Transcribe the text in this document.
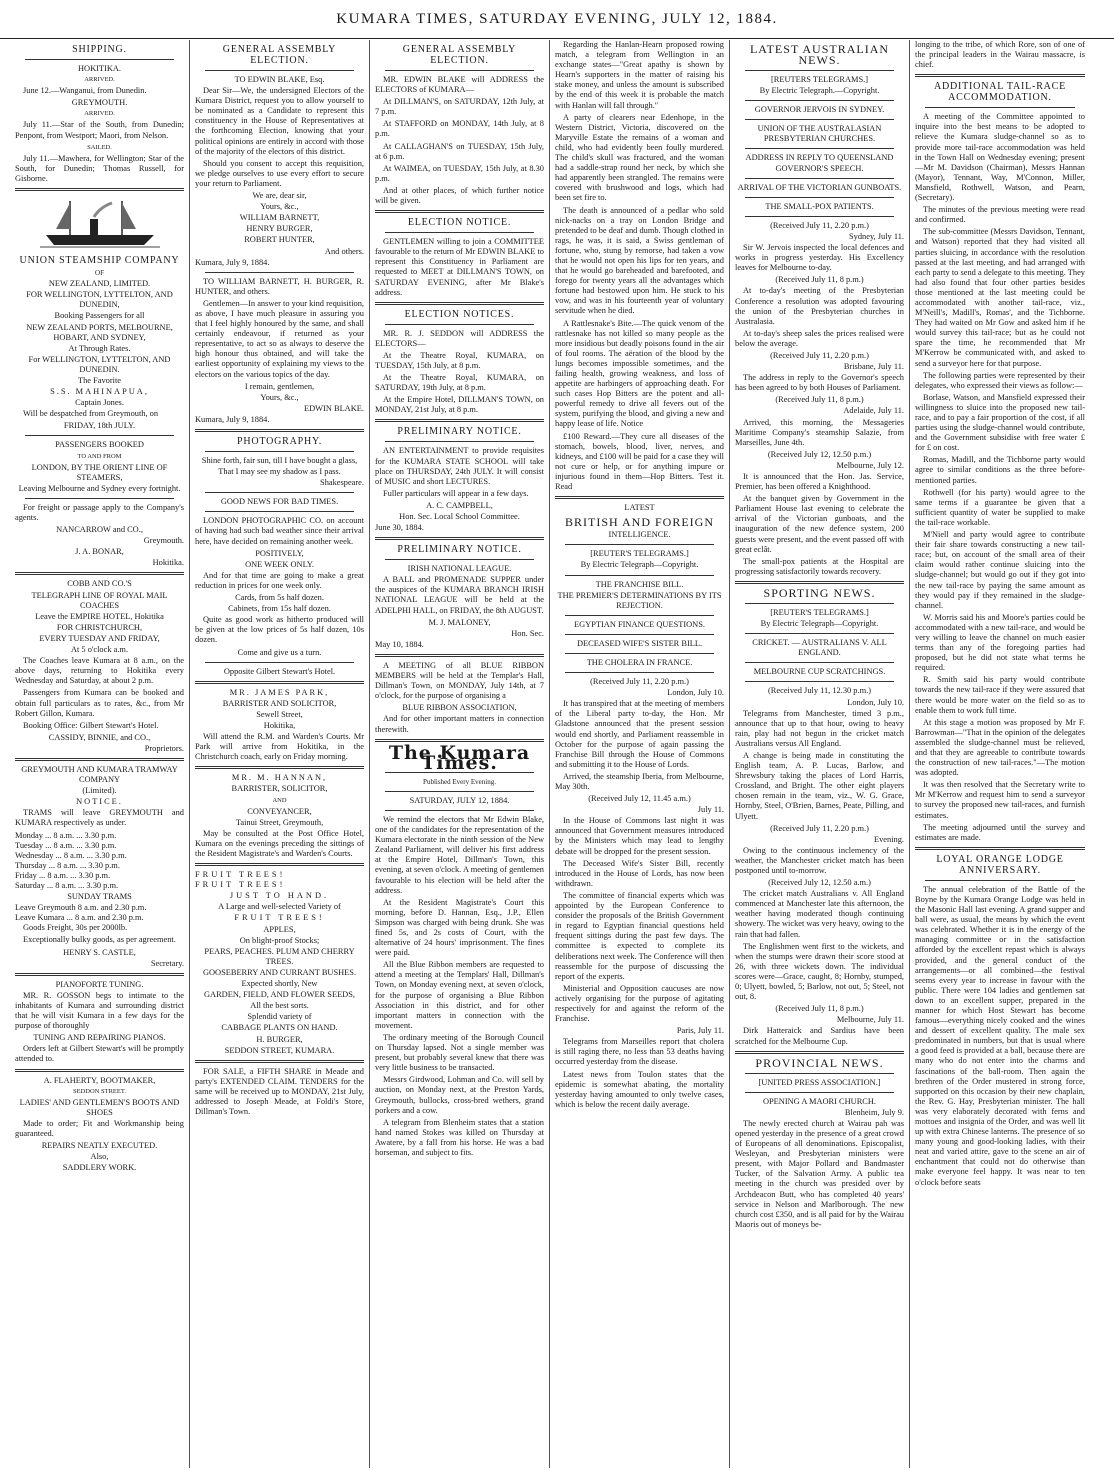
KUMARA TIMES, SATURDAY EVENING, JULY 12, 1884.
SHIPPING.
HOKITIKA.
ARRIVED.

June 12.—Wanganui, from Dunedin.

GREYMOUTH.
ARRIVED.

July 11.—Star of the South, from Dunedin; Penpont, from Westport; Maori, from Nelson.

SAILED.

July 11.—Mawhera, for Wellington; Star of the South, for Dunedin; Thomas Russell, for Gisborne.

UNION STEAMSHIP COMPANY
OF
NEW ZEALAND, LIMITED.
FOR WELLINGTON, LYTTELTON, AND DUNEDIN,
Booking Passengers for all
NEW ZEALAND PORTS, MELBOURNE, HOBART, AND SYDNEY,
At Through Rates.
For WELLINGTON, LYTTELTON, AND DUNEDIN.
The Favorite
S.S. MAHINAPUA,
Captain Jones.

Will be despatched from Greymouth, on

FRIDAY, 18th JULY.
PASSENGERS BOOKED
TO AND FROM
LONDON, BY THE ORIENT LINE OF STEAMERS,
Leaving Melbourne and Sydney every fortnight.

For freight or passage apply to the Company's agents.

NANCARROW and CO.,
Greymouth.
J. A. BONAR,
Hokitika.
COBB AND CO.'S
TELEGRAPH LINE OF ROYAL MAIL COACHES
Leave the EMPIRE HOTEL, Hokitika
FOR CHRISTCHURCH,
EVERY TUESDAY AND FRIDAY,
At 5 o'clock a.m.

The Coaches leave Kumara at 8 a.m., on the above days, returning to Hokitika every Wednesday and Saturday, at about 2 p.m.

Passengers from Kumara can be booked and obtain full particulars as to rates, &c., from Mr Robert Gillon, Kumara.

Booking Office: Gilbert Stewart's Hotel.

CASSIDY, BINNIE, and CO.,
Proprietors.
GREYMOUTH AND KUMARA TRAMWAY COMPANY
(Limited).
NOTICE.

TRAMS will leave GREYMOUTH and KUMARA respectively as under.

Monday ... 8 a.m. ... 3.30 p.m.
Tuesday ... 8 a.m. ... 3.30 p.m.
Wednesday ... 8 a.m. ... 3.30 p.m.
Thursday ... 8 a.m. ... 3.30 p.m.
Friday ... 8 a.m. ... 3.30 p.m.
Saturday ... 8 a.m. ... 3.30 p.m.
SUNDAY TRAMS
Leave Greymouth 8 a.m. and 2.30 p.m.
Leave Kumara ... 8 a.m. and 2.30 p.m.

Goods Freight, 30s per 2000lb.

Exceptionally bulky goods, as per agreement.

HENRY S. CASTLE,
Secretary.
PIANOFORTE TUNING.

MR. R. GOSSON begs to intimate to the inhabitants of Kumara and surrounding district that he will visit Kumara in a few days for the purpose of thoroughly

TUNING AND REPAIRING PIANOS.

Orders left at Gilbert Stewart's will be promptly attended to.

A. FLAHERTY, BOOTMAKER,
SEDDON STREET.
LADIES' AND GENTLEMEN'S BOOTS AND SHOES

Made to order; Fit and Workmanship being guaranteed.

REPAIRS NEATLY EXECUTED.
Also,
SADDLERY WORK.
GENERAL ASSEMBLY ELECTION.
TO EDWIN BLAKE, Esq.

Dear Sir—We, the undersigned Electors of the Kumara District, request you to allow yourself to be nominated as a Candidate to represent this constituency in the House of Representatives at the forthcoming Election, knowing that your political opinions are entirely in accord with those of the majority of the electors of this district.

Should you consent to accept this requisition, we pledge ourselves to use every effort to secure your return to Parliament.

We are, dear sir,
Yours, &c.,
WILLIAM BARNETT,
HENRY BURGER,
ROBERT HUNTER,
And others.
Kumara, July 9, 1884.

TO WILLIAM BARNETT, H. BURGER, R. HUNTER, and others.

Gentlemen—In answer to your kind requisition, as above, I have much pleasure in assuring you that I feel highly honoured by the same, and shall certainly endeavour, if returned as your representative, to act so as always to deserve the high honour thus obtained, and will take the earliest opportunity of explaining my views to the electors on the various topics of the day.

I remain, gentlemen,
Yours, &c.,
EDWIN BLAKE.
Kumara, July 9, 1884.
PHOTOGRAPHY.
Shine forth, fair sun, till I have bought a glass,
That I may see my shadow as I pass.
Shakespeare.
GOOD NEWS FOR BAD TIMES.

LONDON PHOTOGRAPHIC CO. on account of having had such bad weather since their arrival here, have decided on remaining another week.

POSITIVELY,
ONE WEEK ONLY.

And for that time are going to make a great reduction in prices for one week only.

Cards, from 5s half dozen.
Cabinets, from 15s half dozen.

Quite as good work as hitherto produced will be given at the low prices of 5s half dozen, 10s dozen.

Come and give us a turn.
Opposite Gilbert Stewart's Hotel.
MR. JAMES PARK,
BARRISTER AND SOLICITOR,
Sewell Street,
Hokitika,

Will attend the R.M. and Warden's Courts. Mr Park will arrive from Hokitika, in the Christchurch coach, early on Friday morning.

MR. M. HANNAN,
BARRISTER, SOLICITOR,
AND
CONVEYANCER,
Tainui Street, Greymouth,

May be consulted at the Post Office Hotel, Kumara on the evenings preceding the sittings of the Resident Magistrate's and Warden's Courts.

FRUIT TREES!
FRUIT TREES!
JUST TO HAND.
A Large and well-selected Variety of
FRUIT TREES!
APPLES,
On blight-proof Stocks;
PEARS, PEACHES. PLUM AND CHERRY TREES.
GOOSEBERRY AND CURRANT BUSHES.
Expected shortly, New
GARDEN, FIELD, AND FLOWER SEEDS,
All the best sorts.
Splendid variety of
CABBAGE PLANTS ON HAND.
H. BURGER,
SEDDON STREET, KUMARA.

FOR SALE, a FIFTH SHARE in Meade and party's EXTENDED CLAIM. TENDERS for the same will be received up to MONDAY, 21st July, addressed to Joseph Meade, at Foldi's Store, Dillman's Town.

GENERAL ASSEMBLY ELECTION.

MR. EDWIN BLAKE will ADDRESS the ELECTORS of KUMARA—

At DILLMAN'S, on SATURDAY, 12th July, at 7 p.m.

At STAFFORD on MONDAY, 14th July, at 8 p.m.

At CALLAGHAN'S on TUESDAY, 15th July, at 6 p.m.

At WAIMEA, on TUESDAY, 15th July, at 8.30 p.m.

And at other places, of which further notice will be given.

ELECTION NOTICE.

GENTLEMEN willing to join a COMMITTEE favourable to the return of Mr EDWIN BLAKE to represent this Constituency in Parliament are requested to MEET at DILLMAN'S TOWN, on SATURDAY EVENING, after Mr Blake's address.

ELECTION NOTICES.

MR. R. J. SEDDON will ADDRESS the ELECTORS—

At the Theatre Royal, KUMARA, on TUESDAY, 15th July, at 8 p.m.

At the Theatre Royal, KUMARA, on SATURDAY, 19th July, at 8 p.m.

At the Empire Hotel, DILLMAN'S TOWN, on MONDAY, 21st July, at 8 p.m.

PRELIMINARY NOTICE.

AN ENTERTAINMENT to provide requisites for the KUMARA STATE SCHOOL will take place on THURSDAY, 24th JULY. It will consist of MUSIC and short LECTURES.

Fuller particulars will appear in a few days.

A. C. CAMPBELL,
Hon. Sec. Local School Committee.
June 30, 1884.
PRELIMINARY NOTICE.
IRISH NATIONAL LEAGUE.

A BALL and PROMENADE SUPPER under the auspices of the KUMARA BRANCH IRISH NATIONAL LEAGUE will be held at the ADELPHI HALL, on FRIDAY, the 8th AUGUST.

M. J. MALONEY,
Hon. Sec.
May 10, 1884.

A MEETING of all BLUE RIBBON MEMBERS will be held at the Templar's Hall, Dillman's Town, on MONDAY, July 14th, at 7 o'clock, for the purpose of organising a

BLUE RIBBON ASSOCIATION,

And for other important matters in connection therewith.

The Kumara Times.
Published Every Evening.
SATURDAY, JULY 12, 1884.

We remind the electors that Mr Edwin Blake, one of the candidates for the representation of the Kumara electorate in the ninth session of the New Zealand Parliament, will deliver his first address at the Empire Hotel, Dillman's Town, this evening, at seven o'clock. A meeting of gentlemen favourable to his election will be held after the address.

At the Resident Magistrate's Court this morning, before D. Hannan, Esq., J.P., Ellen Simpson was charged with being drunk. She was fined 5s, and 2s costs of Court, with the alternative of 24 hours' imprisonment. The fines were paid.

All the Blue Ribbon members are requested to attend a meeting at the Templars' Hall, Dillman's Town, on Monday evening next, at seven o'clock, for the purpose of organising a Blue Ribbon Association in this district, and for other important matters in connection with the movement.

The ordinary meeting of the Borough Council on Thursday lapsed. Not a single member was present, but probably several knew that there was very little business to be transacted.

Messrs Girdwood, Lohman and Co. will sell by auction, on Monday next, at the Preston Yards, Greymouth, bullocks, cross-bred wethers, grand porkers and a cow.

A telegram from Blenheim states that a station hand named Stokes was killed on Thursday at Awatere, by a fall from his horse. He was a bad horseman, and subject to fits.

Regarding the Hanlan-Hearn proposed rowing match, a telegram from Wellington in an exchange states—"Great apathy is shown by Hearn's supporters in the matter of raising his stake money, and unless the amount is subscribed by the end of this week it is probable the match with Hanlan will fall through."

A party of clearers near Edenhope, in the Western District, Victoria, discovered on the Maryville Estate the remains of a woman and child, who had evidently been foully murdered. The child's skull was fractured, and the woman had a saddle-strap round her neck, by which she had apparently been strangled. The remains were covered with brushwood and logs, which had been set fire to.

The death is announced of a pedlar who sold nick-nacks on a tray on London Bridge and pretended to be deaf and dumb. Though clothed in rags, he was, it is said, a Swiss gentleman of fortune, who, stung by remorse, had taken a vow that he would not open his lips for ten years, and that he would go bareheaded and barefooted, and forego for twenty years all the advantages which fortune had bestowed upon him. He stuck to his vow, and was in his fourteenth year of voluntary servitude when he died.

A Rattlesnake's Bite.—The quick venom of the rattlesnake has not killed so many people as the more insidious but deadly poisons found in the air of foul rooms. The aëration of the blood by the lungs becomes impossible sometimes, and the failing health, growing weakness, and loss of appetite are harbingers of approaching death. For such cases Hop Bitters are the potent and all-powerful remedy to drive all fevers out of the system, purifying the blood, and giving a new and happy lease of life. Notice

£100 Reward.—They cure all diseases of the stomach, bowels, blood, liver, nerves, and kidneys, and £100 will be paid for a case they will not cure or help, or for anything impure or injurious found in them—Hop Bitters. Test it. Read

LATEST
BRITISH AND FOREIGN
INTELLIGENCE.
[REUTER'S TELEGRAMS.]
By Electric Telegraph—Copyright.
THE FRANCHISE BILL.
THE PREMIER'S DETERMINATIONS BY ITS REJECTION.
EGYPTIAN FINANCE QUESTIONS.
DECEASED WIFE'S SISTER BILL.
THE CHOLERA IN FRANCE.
(Received July 11, 2.20 p.m.)
London, July 10.

It has transpired that at the meeting of members of the Liberal party to-day, the Hon. Mr Gladstone announced that the present session would end shortly, and Parliament reassemble in October for the purpose of again passing the Franchise Bill through the House of Commons and submitting it to the House of Lords.

Arrived, the steamship Iberia, from Melbourne, May 30th.

(Received July 12, 11.45 a.m.)
July 11.

In the House of Commons last night it was announced that Government measures introduced by the Ministers which may lead to lengthy debate will be dropped for the present session.

The Deceased Wife's Sister Bill, recently introduced in the House of Lords, has now been withdrawn.

The committee of financial experts which was appointed by the European Conference to consider the proposals of the British Government in regard to Egyptian financial questions held frequent sittings during the past few days. The committee is expected to complete its deliberations next week. The Conference will then reassemble for the purpose of discussing the report of the experts.

Ministerial and Opposition caucuses are now actively organising for the purpose of agitating respectively for and against the reform of the Franchise.

Paris, July 11.

Telegrams from Marseilles report that cholera is still raging there, no less than 53 deaths having occurred yesterday from the disease.

Latest news from Toulon states that the epidemic is somewhat abating, the mortality yesterday having amounted to only twelve cases, which is below the recent daily average.

LATEST AUSTRALIAN NEWS.
[REUTERS TELEGRAMS.]
By Electric Telegraph.—Copyright.
GOVERNOR JERVOIS IN SYDNEY.
UNION OF THE AUSTRALASIAN PRESBYTERIAN CHURCHES.
ADDRESS IN REPLY TO QUEENSLAND GOVERNOR'S SPEECH.
ARRIVAL OF THE VICTORIAN GUNBOATS.
THE SMALL-POX PATIENTS.
(Received July 11, 2.20 p.m.)
Sydney, July 11.

Sir W. Jervois inspected the local defences and works in progress yesterday. His Excellency leaves for Melbourne to-day.

(Received July 11, 8 p.m.)

At to-day's meeting of the Presbyterian Conference a resolution was adopted favouring the union of the Presbyterian churches in Australasia.

At to-day's sheep sales the prices realised were below the average.

(Received July 11, 2.20 p.m.)
Brisbane, July 11.

The address in reply to the Governor's speech has been agreed to by both Houses of Parliament.

(Received July 11, 8 p.m.)
Adelaide, July 11.

Arrived, this morning, the Messageries Maritime Company's steamship Salazie, from Marseilles, June 4th.

(Received July 12, 12.50 p.m.)
Melbourne, July 12.

It is announced that the Hon. Jas. Service, Premier, has been offered a Knighthood.

At the banquet given by Government in the Parliament House last evening to celebrate the arrival of the Victorian gunboats, and the inauguration of the new defence system, 200 guests were present, and the event passed off with great eclât.

The small-pox patients at the Hospital are progressing satisfactorily towards recovery.

SPORTING NEWS.
[REUTER'S TELEGRAMS.]
By Electric Telegraph—Copyright.
CRICKET. — AUSTRALIANS V. ALL ENGLAND.
MELBOURNE CUP SCRATCHINGS.
(Received July 11, 12.30 p.m.)
London, July 10.

Telegrams from Manchester, timed 3 p.m., announce that up to that hour, owing to heavy rain, play had not begun in the cricket match Australians versus All England.

A change is being made in constituting the English team, A. P. Lucas, Barlow, and Shrewsbury taking the places of Lord Harris, Crossland, and Bright. The other eight players chosen remain in the team, viz., W. G. Grace, Hornby, Steel, O'Brien, Barnes, Peate, Pilling, and Ulyett.

(Received July 11, 2.20 p.m.)
Evening.

Owing to the continuous inclemency of the weather, the Manchester cricket match has been postponed until to-morrow.

(Received July 12, 12.50 a.m.)

The cricket match Australians v. All England commenced at Manchester late this afternoon, the weather having moderated though continuing showery. The wicket was very heavy, owing to the rain that had fallen.

The Englishmen went first to the wickets, and when the stumps were drawn their score stood at 26, with three wickets down. The individual scores were—Grace, caught, 8; Hornby, stumped, 0; Ulyett, bowled, 5; Barlow, not out, 5; Steel, not out, 8.

(Received July 11, 8 p.m.)
Melbourne, July 11.

Dirk Hatteraick and Sardius have been scratched for the Melbourne Cup.

PROVINCIAL NEWS.
[UNITED PRESS ASSOCIATION.]
OPENING A MAORI CHURCH.
Blenheim, July 9.

The newly erected church at Wairau pah was opened yesterday in the presence of a great crowd of Europeans of all denominations. Episcopalist, Wesleyan, and Presbyterian ministers were present, with Major Pollard and Bandmaster Tucker, of the Salvation Army. A public tea meeting in the church was presided over by Archdeacon Butt, who has completed 40 years' service in Nelson and Marlborough. The new church cost £350, and is all paid for by the Wairau Maoris out of moneys be-

longing to the tribe, of which Rore, son of one of the principal leaders in the Wairau massacre, is chief.

ADDITIONAL TAIL-RACE ACCOMMODATION.

A meeting of the Committee appointed to inquire into the best means to be adopted to relieve the Kumara sludge-channel so as to provide more tail-race accommodation was held in the Town Hall on Wednesday evening; present—Mr M. Davidson (Chairman), Messrs Hannan (Mayor), Tennant, Way, M'Connon, Miller, Mansfield, Rothwell, Watson, and Pearn, (Secretary).

The minutes of the previous meeting were read and confirmed.

The sub-committee (Messrs Davidson, Tennant, and Watson) reported that they had visited all parties sluicing, in accordance with the resolution passed at the last meeting, and had arranged with each party to send a delegate to this meeting. They had also found that four other parties besides those mentioned at the last meeting could be accommodated with another tail-race, viz., M'Neill's, Madill's, Romas', and the Tichborne. They had waited on Mr Gow and asked him if he would survey this tail-race; but as he could not spare the time, he recommended that Mr M'Kerrow be communicated with, and asked to send a surveyor here for that purpose.

The following parties were represented by their delegates, who expressed their views as follow:—

Borlase, Watson, and Mansfield expressed their willingness to sluice into the proposed new tail-race, and to pay a fair proportion of the cost, if all parties using the sludge-channel would contribute, and the Government subsidise with free water £ for £ on cost.

Romas, Madill, and the Tichborne party would agree to similar conditions as the three before-mentioned parties.

Rothwell (for his party) would agree to the same terms if a guarantee be given that a sufficient quantity of water be supplied to make the tail-race workable.

M'Niell and party would agree to contribute their fair share towards constructing a new tail-race; but, on account of the small area of their claim would rather continue sluicing into the sludge-channel; but would go out if they got into the new tail-race by paying the same amount as they would pay if they remained in the sludge-channel.

W. Morris said his and Moore's parties could be accommodated with a new tail-race, and would be very willing to leave the channel on much easier terms than any of the foregoing parties had proposed, but he did not state what terms he required.

R. Smith said his party would contribute towards the new tail-race if they were assured that there would be more water on the field so as to enable them to work full time.

At this stage a motion was proposed by Mr F. Barrowman—"That in the opinion of the delegates assembled the sludge-channel must be relieved, and that they are agreeable to contribute towards the construction of new tail-races."—The motion was adopted.

It was then resolved that the Secretary write to Mr M'Kerrow and request him to send a surveyor to survey the proposed new tail-races, and furnish estimates.

The meeting adjourned until the survey and estimates are made.

LOYAL ORANGE LODGE ANNIVERSARY.

The annual celebration of the Battle of the Boyne by the Kumara Orange Lodge was held in the Masonic Hall last evening. A grand supper and ball were, as usual, the means by which the event was celebrated. Whether it is in the energy of the managing committee or in the satisfaction afforded by the excellent repast which is always provided, and the general conduct of the arrangements—or all combined—the festival seems every year to increase in favour with the public. There were 104 ladies and gentlemen sat down to an excellent supper, prepared in the manner for which Host Stewart has become famous—everything nicely cooked and the wines and dessert of excellent quality. The male sex predominated in numbers, but that is usual where a good feed is provided at a ball, because there are many who do not enter into the charms and fascinations of the ball-room. Then again the brethren of the Order mustered in strong force, supported on this occasion by their new chaplain, the Rev. G. Hay, Presbyterian minister. The hall was very elaborately decorated with ferns and mottoes and insignia of the Order, and was well lit up with extra Chinese lanterns. The presence of so many young and good-looking ladies, with their neat and varied attire, gave to the scene an air of enchantment that could not do otherwise than make everyone feel happy. It was near to ten o'clock before seats
